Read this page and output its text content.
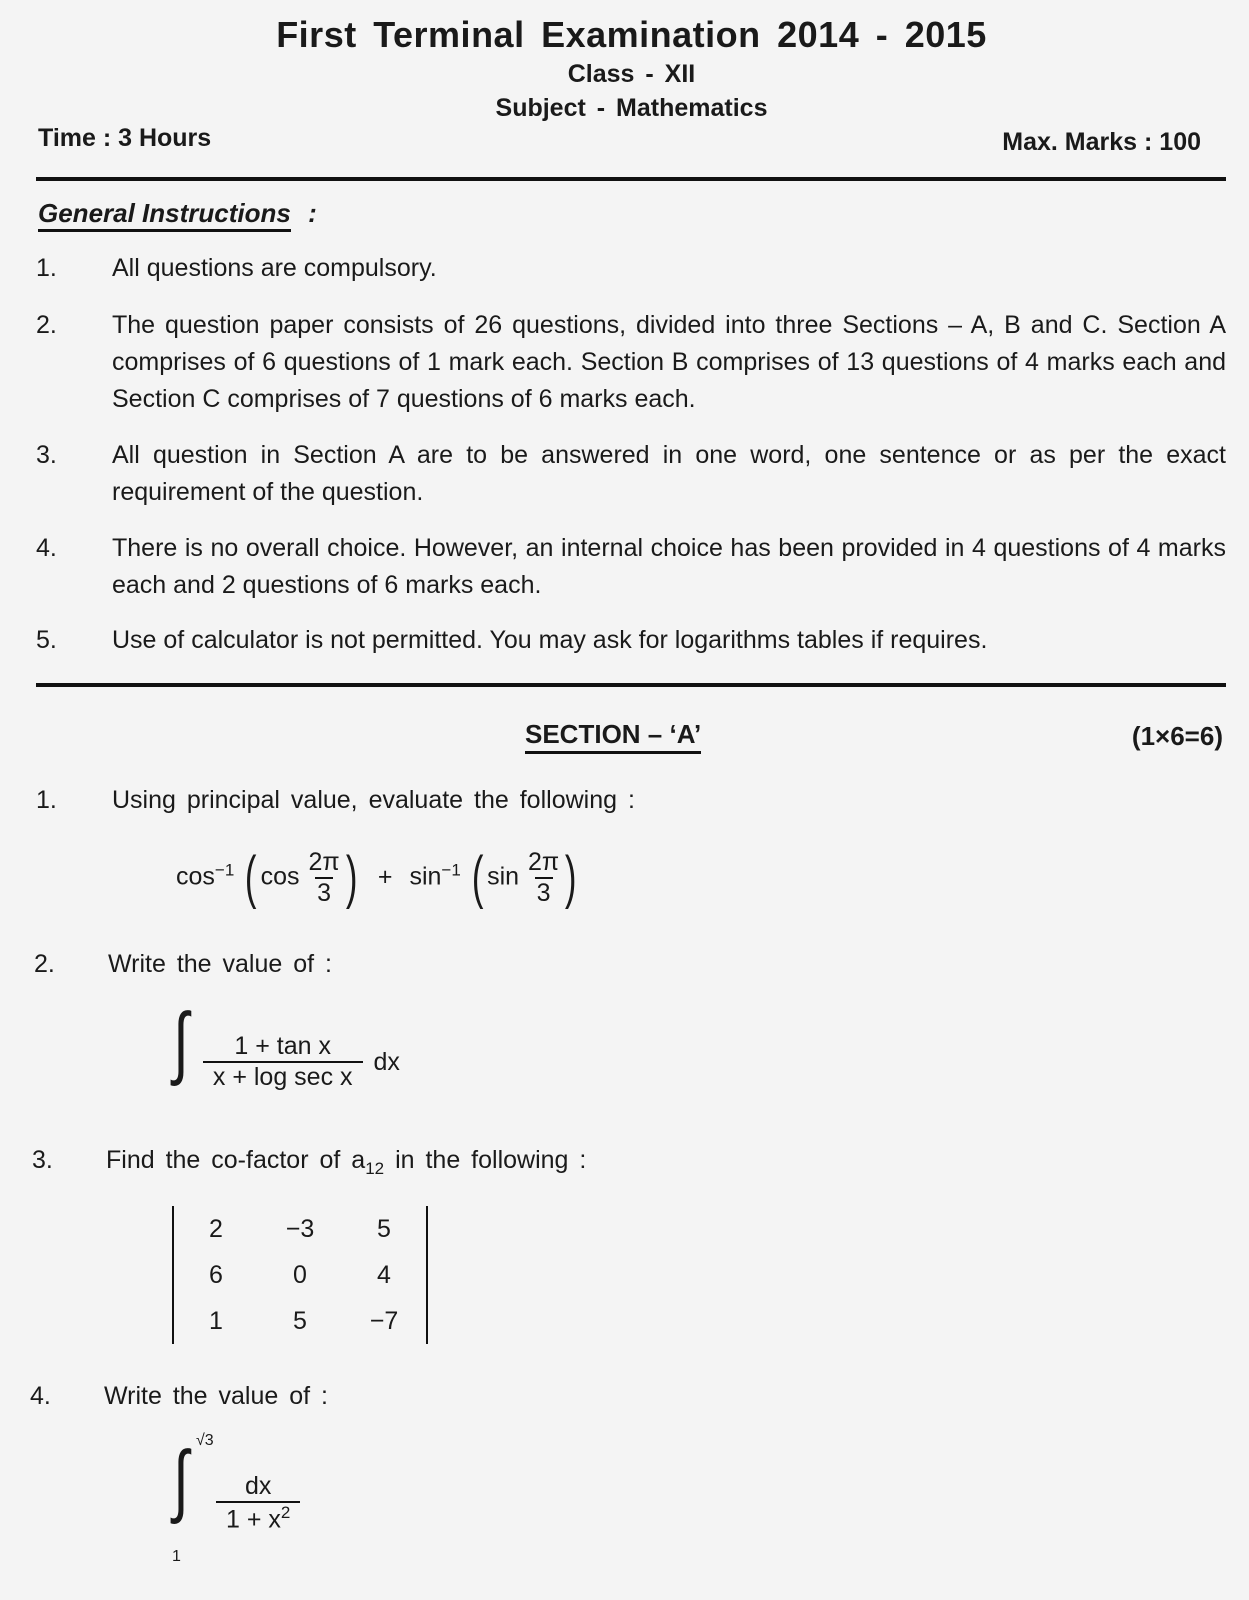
First Terminal Examination 2014 - 2015
Class - XII
Subject - Mathematics
Time : 3 Hours	Max. Marks : 100
General Instructions :
1. All questions are compulsory.
2. The question paper consists of 26 questions, divided into three Sections – A, B and C. Section A comprises of 6 questions of 1 mark each. Section B comprises of 13 questions of 4 marks each and Section C comprises of 7 questions of 6 marks each.
3. All question in Section A are to be answered in one word, one sentence or as per the exact requirement of the question.
4. There is no overall choice. However, an internal choice has been provided in 4 questions of 4 marks each and 2 questions of 6 marks each.
5. Use of calculator is not permitted. You may ask for logarithms tables if requires.
SECTION – ‘A’	(1×6=6)
1. Using principal value, evaluate the following :
$\cos^{-1}$ ( $\cos \frac{2\pi}{3}$ ) + $\sin^{-1}$ ( $\sin \frac{2\pi}{3}$ )
2. Write the value of :
∫ $\frac{\text{1 + tan x}}{\text{x + log sec x}}$ dx
3. Find the co-factor of $a_{12}$ in the following :
2	−3	5
6	0	4
1	5	−7
4. Write the value of :
∫ √3
1
$\frac{dx}{1 + x^2}$
